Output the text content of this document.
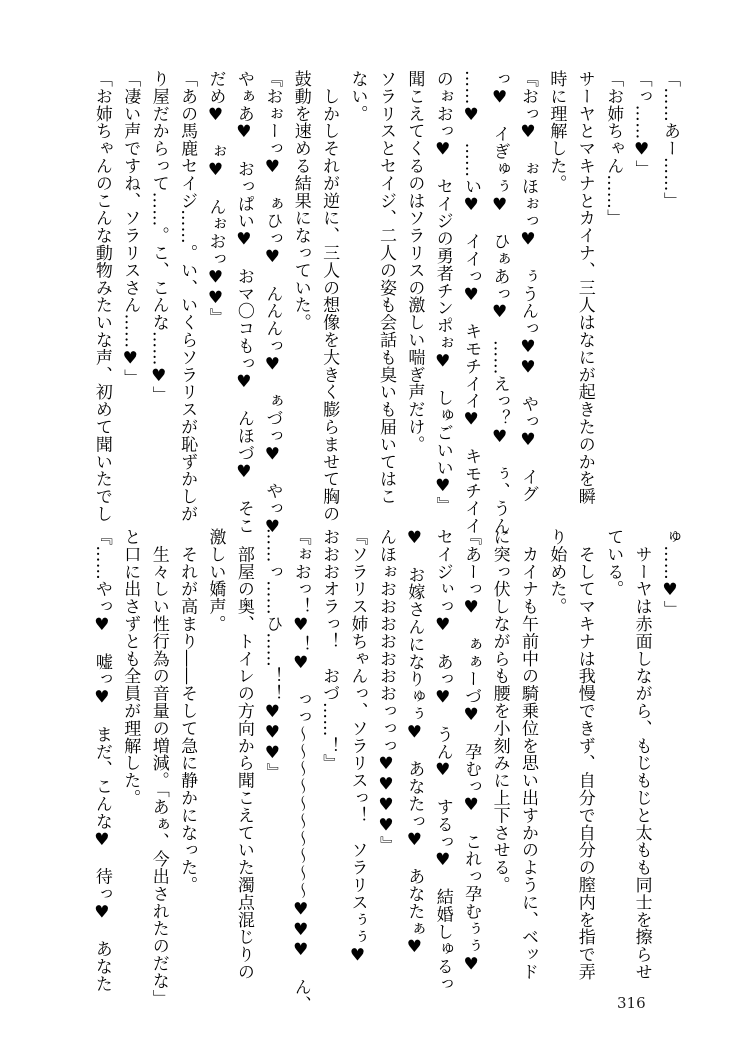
「……あー……」
「っ……♥」
「お姉ちゃん……」
サーヤとマキナとカイナ、三人はなにが起きたのかを瞬
時に理解した。
『おっ♥　ぉほぉっ♥　ぅうんっ♥♥　やっ♥　イグ
っ♥　イぎゅぅ♥　ひぁあっ♥　……えっ？♥　ぅ、うん
……♥　……い♥　イイっ♥　キモチイイ♥　キモチイイ
のぉおっ♥　セイジの勇者チンポぉ♥　しゅごいい♥』
聞こえてくるのはソラリスの激しい喘ぎ声だけ。
ソラリスとセイジ、二人の姿も会話も臭いも届いてはこ
ない。
　しかしそれが逆に、三人の想像を大きく膨らませて胸の
鼓動を速める結果になっていた。
『おぉーっ♥　ぁひっ♥　んんんっ♥　ぁづっ♥　やっ♥
やぁあ♥　おっぱい♥　おマ〇コもっ♥　んほづ♥　そこ
だめ♥　ぉ♥　んぉおっ♥♥』
「あの馬鹿セイジ……。い、いくらソラリスが恥ずかしが
り屋だからって……。こ、こんな……♥」
「凄い声ですね、ソラリスさん……♥」
「お姉ちゃんのこんな動物みたいな声、初めて聞いたでし
ゅ……♥」
　サーヤは赤面しながら、もじもじと太もも同士を擦らせ
ている。
　そしてマキナは我慢できず、自分で自分の膣内を指で弄
り始めた。
　カイナも午前中の騎乗位を思い出すかのように、ベッド
に突っ伏しながらも腰を小刻みに上下させる。
『あーっ♥　ぁぁーづ♥　孕むっ♥　これっ孕むぅぅ♥
セイジぃっ♥　あっ♥　うん♥　するっ♥　結婚しゅるっ
♥　お嫁さんになりゅぅ♥　あなたっ♥　あなたぁ♥
んほぉおおおおおおおっっっ♥♥♥♥』
『ソラリス姉ちゃんっ、ソラリスっ！　ソラリスぅぅ♥
おおおオラっ！　おづ……！』
『ぉおっ！♥！♥　っっ～～～～～～～～～～♥♥♥　ん、
……っ……ひ……！！♥♥♥』
　部屋の奥、トイレの方向から聞こえていた濁点混じりの
激しい嬌声。
　それが高まり――そして急に静かになった。
　生々しい性行為の音量の増減。「あぁ、今出されたのだな」
と口に出さずとも全員が理解した。
『……やっ♥　嘘っ♥　まだ、こんな♥　待っ♥　あなた
316
